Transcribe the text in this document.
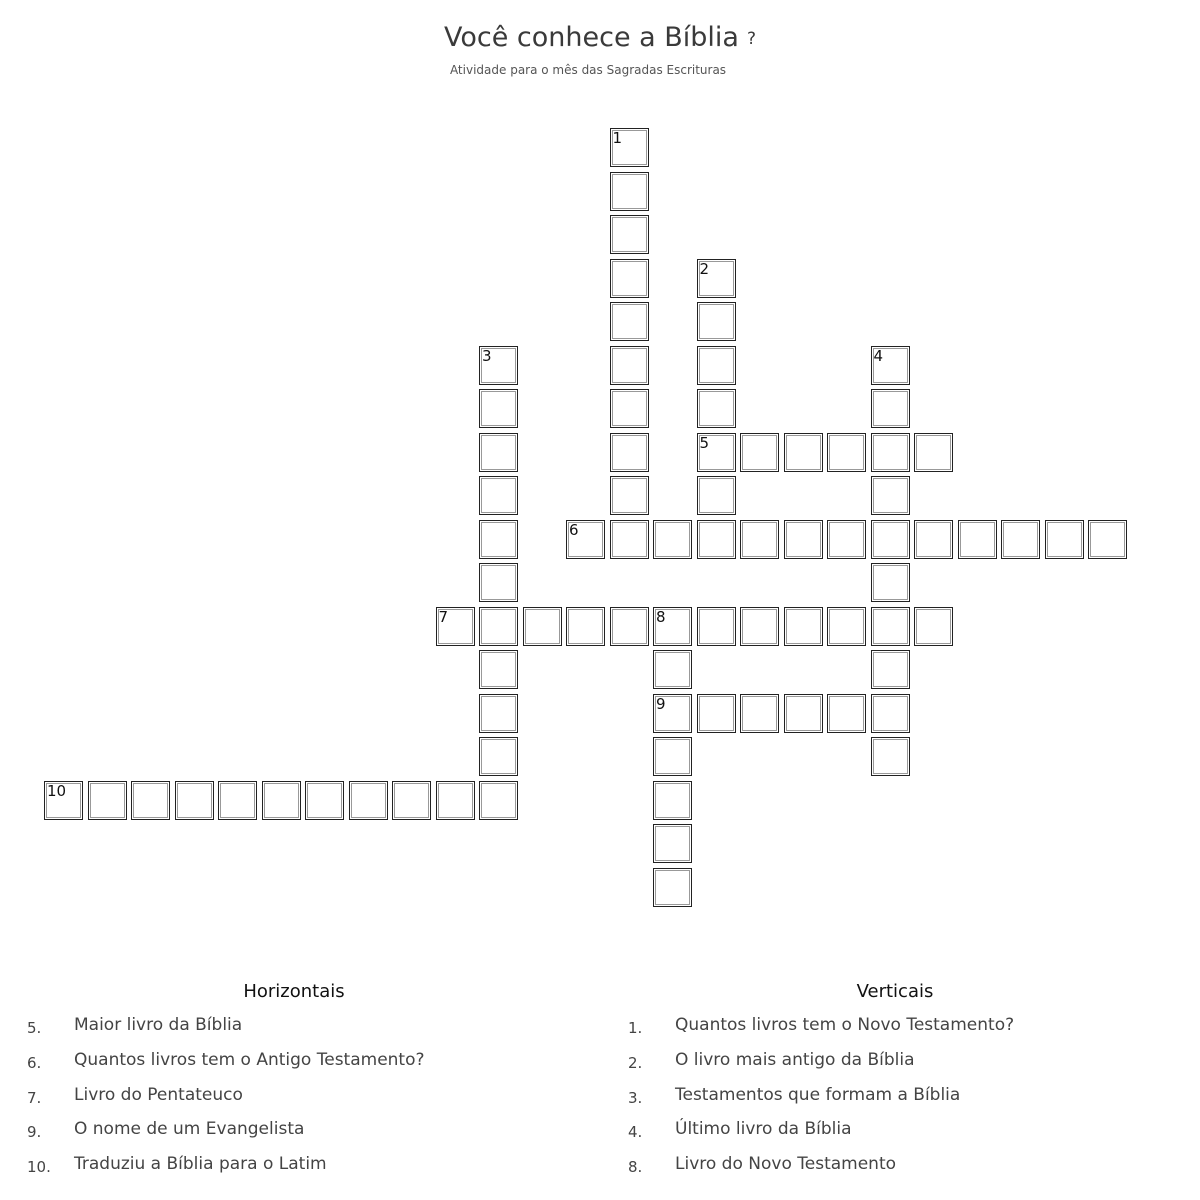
Você conhece a Bíblia ?
Atividade para o mês das Sagradas Escrituras
1
2
5
3	4
6
7	8
9
10
Horizontais	Verticais
5. Maior livro da Bíblia
6. Quantos livros tem o Antigo Testamento?
7. Livro do Pentateuco
9. O nome de um Evangelista
10. Traduziu a Bíblia para o Latim
1. Quantos livros tem o Novo Testamento?
2. O livro mais antigo da Bíblia
3. Testamentos que formam a Bíblia
4. Último livro da Bíblia
8. Livro do Novo Testamento
